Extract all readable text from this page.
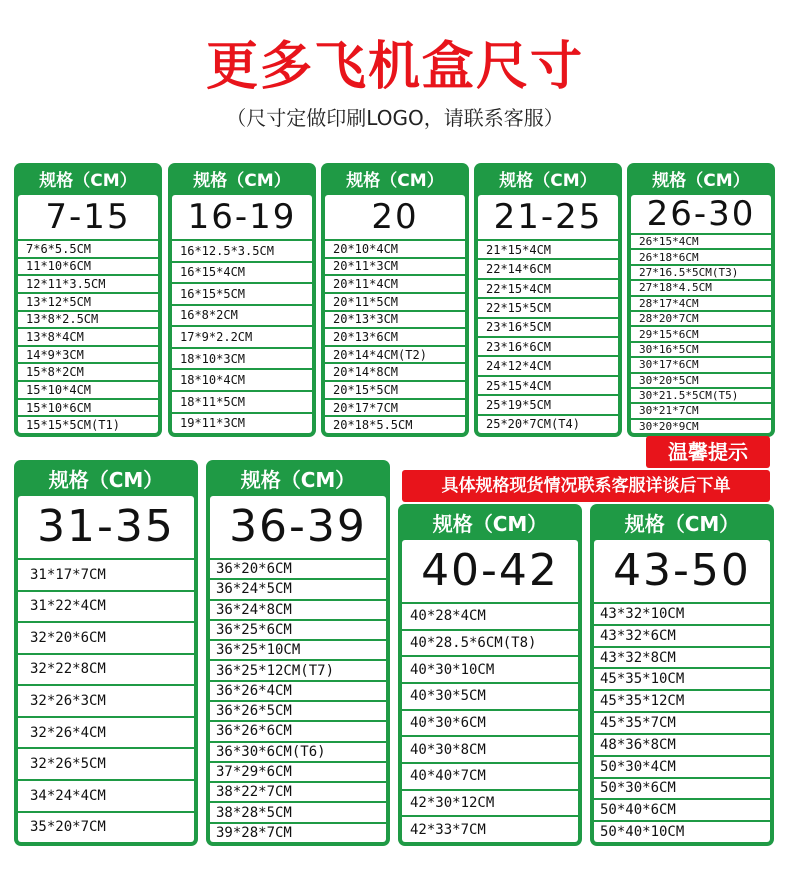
更多飞机盒尺寸
（尺寸定做印刷LOGO，请联系客服）
规格（CM）
7-15
7*6*5.5CM
11*10*6CM
12*11*3.5CM
13*12*5CM
13*8*2.5CM
13*8*4CM
14*9*3CM
15*8*2CM
15*10*4CM
15*10*6CM
15*15*5CM(T1)
规格（CM）
16-19
16*12.5*3.5CM
16*15*4CM
16*15*5CM
16*8*2CM
17*9*2.2CM
18*10*3CM
18*10*4CM
18*11*5CM
19*11*3CM
规格（CM）
20
20*10*4CM
20*11*3CM
20*11*4CM
20*11*5CM
20*13*3CM
20*13*6CM
20*14*4CM(T2)
20*14*8CM
20*15*5CM
20*17*7CM
20*18*5.5CM
规格（CM）
21-25
21*15*4CM
22*14*6CM
22*15*4CM
22*15*5CM
23*16*5CM
23*16*6CM
24*12*4CM
25*15*4CM
25*19*5CM
25*20*7CM(T4)
规格（CM）
26-30
26*15*4CM
26*18*6CM
27*16.5*5CM(T3)
27*18*4.5CM
28*17*4CM
28*20*7CM
29*15*6CM
30*16*5CM
30*17*6CM
30*20*5CM
30*21.5*5CM(T5)
30*21*7CM
30*20*9CM
规格（CM）
31-35
31*17*7CM
31*22*4CM
32*20*6CM
32*22*8CM
32*26*3CM
32*26*4CM
32*26*5CM
34*24*4CM
35*20*7CM
规格（CM）
36-39
36*20*6CM
36*24*5CM
36*24*8CM
36*25*6CM
36*25*10CM
36*25*12CM(T7)
36*26*4CM
36*26*5CM
36*26*6CM
36*30*6CM(T6)
37*29*6CM
38*22*7CM
38*28*5CM
39*28*7CM
规格（CM）
40-42
40*28*4CM
40*28.5*6CM(T8)
40*30*10CM
40*30*5CM
40*30*6CM
40*30*8CM
40*40*7CM
42*30*12CM
42*33*7CM
规格（CM）
43-50
43*32*10CM
43*32*6CM
43*32*8CM
45*35*10CM
45*35*12CM
45*35*7CM
48*36*8CM
50*30*4CM
50*30*6CM
50*40*6CM
50*40*10CM
温馨提示
具体规格现货情况联系客服详谈后下单
